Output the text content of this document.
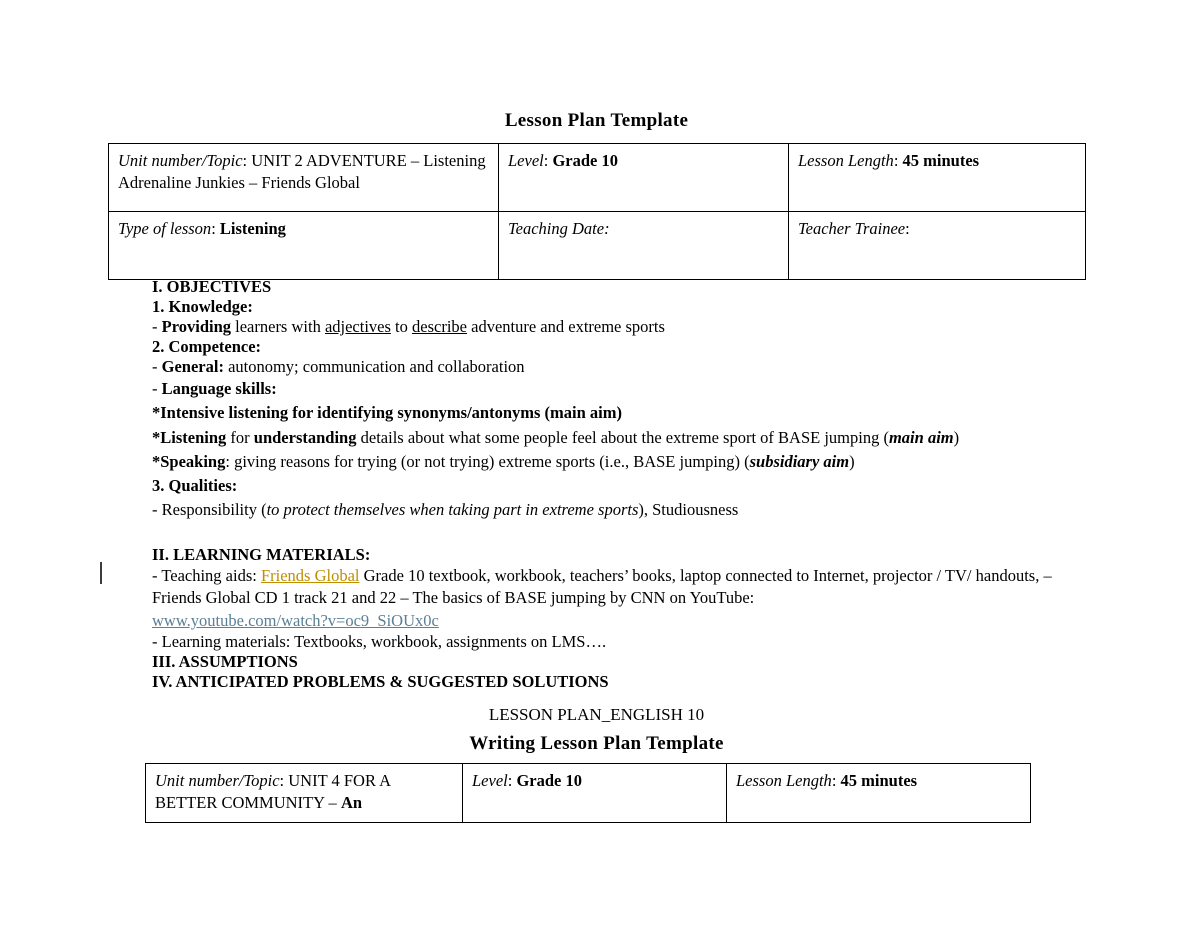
Lesson Plan Template
Unit number/Topic: UNIT 2 ADVENTURE – Listening Adrenaline Junkies – Friends Global	Level: Grade 10	Lesson Length: 45 minutes
Type of lesson: Listening	Teaching Date:	Teacher Trainee:
I. OBJECTIVES
1. Knowledge:
- Providing learners with adjectives to describe adventure and extreme sports
2. Competence:
- General: autonomy; communication and collaboration
- Language skills:
*Intensive listening for identifying synonyms/antonyms (main aim)
*Listening for understanding details about what some people feel about the extreme sport of BASE jumping (main aim)
*Speaking: giving reasons for trying (or not trying) extreme sports (i.e., BASE jumping) (subsidiary aim)
3. Qualities:
- Responsibility (to protect themselves when taking part in extreme sports), Studiousness
II. LEARNING MATERIALS:
- Teaching aids: Friends Global Grade 10 textbook, workbook, teachers’ books, laptop connected to Internet, projector / TV/ handouts, – Friends Global CD 1 track 21 and 22 – The basics of BASE jumping by CNN on YouTube:
www.youtube.com/watch?v=oc9_SiOUx0c
- Learning materials: Textbooks, workbook, assignments on LMS….
III. ASSUMPTIONS
IV. ANTICIPATED PROBLEMS & SUGGESTED SOLUTIONS
LESSON PLAN_ENGLISH 10
Writing Lesson Plan Template
Unit number/Topic: UNIT 4 FOR A BETTER COMMUNITY – An	Level: Grade 10	Lesson Length: 45 minutes
